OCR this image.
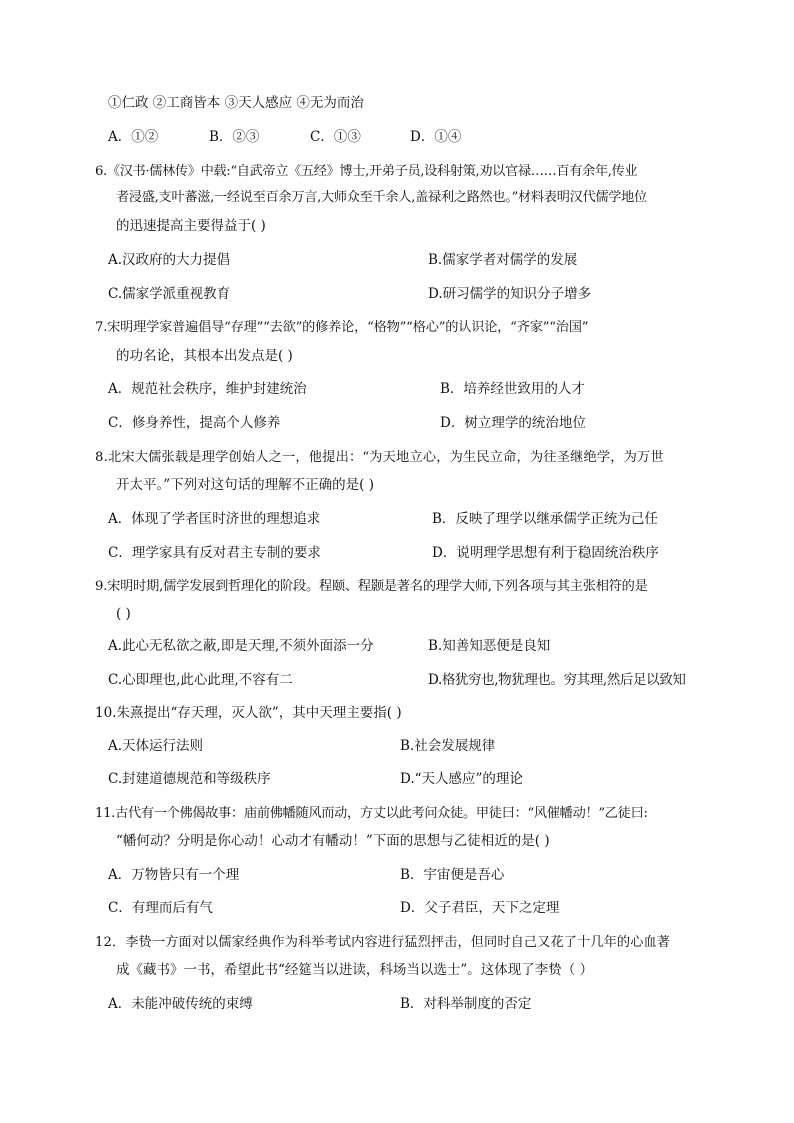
①仁政 ②工商皆本 ③天人感应 ④无为而治
A．①②	B．②③	C．①③	D．①④
6.《汉书·儒林传》中载:“自武帝立《五经》博士,开弟子员,设科射策,劝以官禄……百有余年,传业
者浸盛,支叶蕃滋,一经说至百余万言,大师众至千余人,盖禄利之路然也。”材料表明汉代儒学地位
的迅速提高主要得益于( )
A.汉政府的大力提倡	B.儒家学者对儒学的发展
C.儒家学派重视教育	D.研习儒学的知识分子增多
7.宋明理学家普遍倡导“存理”“去欲”的修养论，“格物”“格心”的认识论，“齐家”“治国”
的功名论，其根本出发点是( )
A．规范社会秩序，维护封建统治	B．培养经世致用的人才
C．修身养性，提高个人修养	D．树立理学的统治地位
8.北宋大儒张载是理学创始人之一，他提出：“为天地立心，为生民立命，为往圣继绝学，为万世
开太平。”下列对这句话的理解不正确的是( )
A．体现了学者匡时济世的理想追求	B．反映了理学以继承儒学正统为己任
C．理学家具有反对君主专制的要求	D．说明理学思想有利于稳固统治秩序
9.宋明时期,儒学发展到哲理化的阶段。程颐、程颢是著名的理学大师,下列各项与其主张相符的是
( )
A.此心无私欲之蔽,即是天理,不须外面添一分	B.知善知恶便是良知
C.心即理也,此心此理,不容有二	D.格犹穷也,物犹理也。穷其理,然后足以致知
10.朱熹提出“存天理，灭人欲”，其中天理主要指( )
A.天体运行法则	B.社会发展规律
C.封建道德规范和等级秩序	D.“天人感应”的理论
11.古代有一个佛偈故事：庙前佛幡随风而动，方丈以此考问众徒。甲徒曰：“风催幡动！”乙徒曰:
“幡何动？分明是你心动！心动才有幡动！”下面的思想与乙徒相近的是( )
A．万物皆只有一个理	B．宇宙便是吾心
C．有理而后有气	D．父子君臣，天下之定理
12．李贽一方面对以儒家经典作为科举考试内容进行猛烈抨击，但同时自己又花了十几年的心血著
成《藏书》一书，希望此书“经筵当以进读，科场当以选士”。这体现了李贽（ ）
A．未能冲破传统的束缚	B．对科举制度的否定
